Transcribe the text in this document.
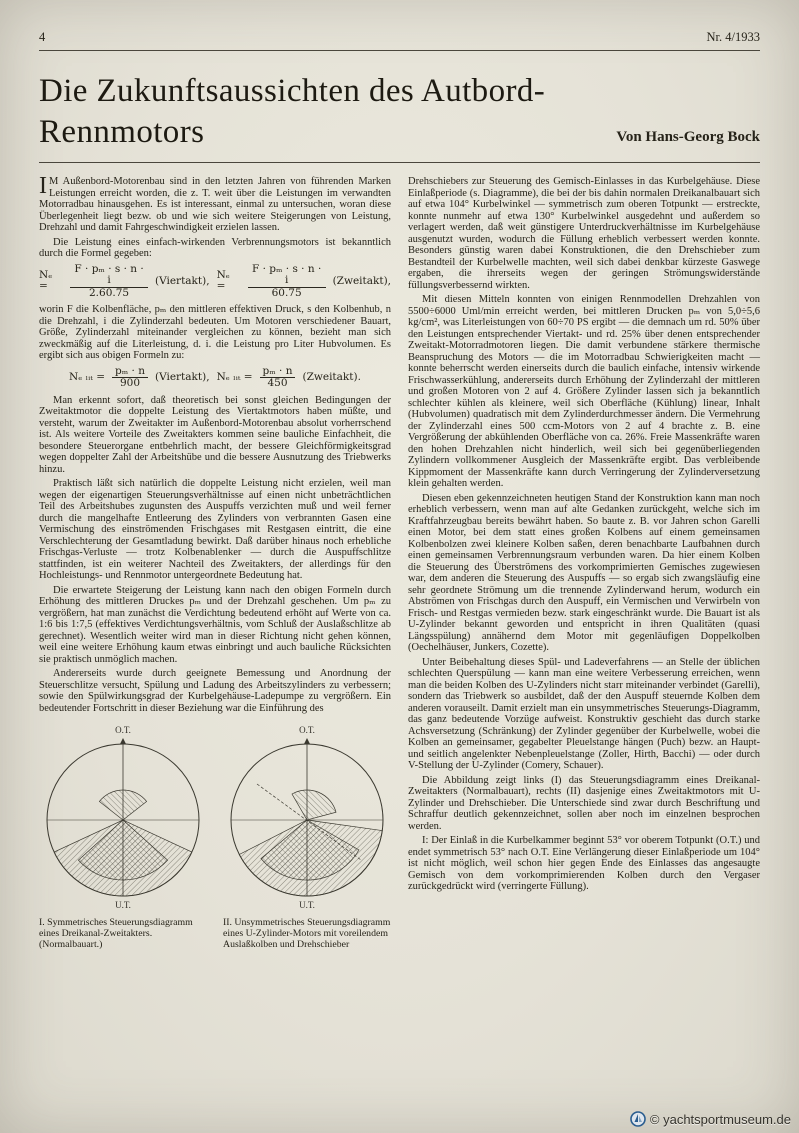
4	Nr. 4/1933
Die Zukunftsaussichten des Autbord-
Rennmotors	Von Hans-Georg Bock

I M Außenbord-Motorenbau sind in den letzten Jahren von führenden Marken Leistungen erreicht worden, die z. T. weit über die Leistungen im verwandten Motorradbau hinausgehen. Es ist interessant, einmal zu untersuchen, woran diese Überlegenheit liegt bezw. ob und wie sich weitere Steigerungen von Leistung, Drehzahl und damit Fahrgeschwindigkeit erzielen lassen.

Die Leistung eines einfach-wirkenden Verbrennungsmotors ist bekanntlich durch die Formel gegeben:

Nₑ =	$\frac{\text{F · pₘ · s · n · i}}{2.60.75}$ (Viertakt), Nₑ =	$\frac{\text{F · pₘ · s · n · i}}{60.75}$ (Zweitakt),

worin F die Kolbenfläche, pₘ den mittleren effektiven Druck, s den Kolbenhub, n die Drehzahl, i die Zylinderzahl bedeuten. Um Motoren verschiedener Bauart, Größe, Zylinderzahl miteinander vergleichen zu können, bezieht man sich zweckmäßig auf die Literleistung, d. i. die Leistung pro Liter Hubvolumen. Es ergibt sich aus obigen Formeln zu:

Nₑ ₗᵢₜ = $\frac{\text{pₘ · n}}{900}$ (Viertakt), Nₑ ₗᵢₜ = $\frac{\text{pₘ · n}}{450}$ (Zweitakt).

Man erkennt sofort, daß theoretisch bei sonst gleichen Bedingungen der Zweitaktmotor die doppelte Leistung des Viertaktmotors haben müßte, und versteht, warum der Zweitakter im Außenbord-Motorenbau absolut vorherrschend ist. Als weitere Vorteile des Zweitakters kommen seine bauliche Einfachheit, die besondere Steuerorgane entbehrlich macht, der bessere Gleichförmigkeitsgrad wegen doppelter Zahl der Arbeitshübe und die bessere Ausnutzung des Triebwerks hinzu.

Praktisch läßt sich natürlich die doppelte Leistung nicht erzielen, weil man wegen der eigenartigen Steuerungsverhältnisse auf einen nicht unbeträchtlichen Teil des Arbeitshubes zugunsten des Auspuffs verzichten muß und weil ferner durch die mangelhafte Entleerung des Zylinders von verbrannten Gasen eine Vermischung des einströmenden Frischgases mit Restgasen eintritt, die eine Verschlechterung der Gesamtladung bewirkt. Daß darüber hinaus noch erhebliche Frischgas-Verluste — trotz Kolbenablenker — durch die Auspuffschlitze stattfinden, ist ein weiterer Nachteil des Zweitakters, der allerdings für den Hochleistungs- und Rennmotor untergeordnete Bedeutung hat.

Die erwartete Steigerung der Leistung kann nach den obigen Formeln durch Erhöhung des mittleren Druckes pₘ und der Drehzahl geschehen. Um pₘ zu vergrößern, hat man zunächst die Verdichtung bedeutend erhöht auf Werte von ca. 1:6 bis 1:7,5 (effektives Verdichtungsverhältnis, vom Schluß der Auslaßschlitze ab gerechnet). Wesentlich weiter wird man in dieser Richtung nicht gehen können, weil eine weitere Erhöhung kaum etwas einbringt und auch bauliche Rücksichten sie praktisch unmöglich machen.

Andererseits wurde durch geeignete Bemessung und Anordnung der Steuerschlitze versucht, Spülung und Ladung des Arbeitszylinders zu verbessern; sowie den Spülwirkungsgrad der Kurbelgehäuse-Ladepumpe zu vergrößern. Ein bedeutender Fortschritt in dieser Beziehung war die Einführung des

O.T.
U.T.
O.T.
U.T.
I. Symmetrisches Steuerungsdiagramm eines Dreikanal-Zweitakters. (Normalbauart.)
II. Unsymmetrisches Steuerungsdiagramm eines U-Zylinder-Motors mit voreilendem Auslaßkolben und Drehschieber

Drehschiebers zur Steuerung des Gemisch-Einlasses in das Kurbelgehäuse. Diese Einlaßperiode (s. Diagramme), die bei der bis dahin normalen Dreikanalbauart sich auf etwa 104° Kurbelwinkel — symmetrisch zum oberen Totpunkt — erstreckte, konnte nunmehr auf etwa 130° Kurbelwinkel ausgedehnt und außerdem so verlagert werden, daß weit günstigere Unterdruckverhältnisse im Kurbelgehäuse ausgenutzt wurden, wodurch die Füllung erheblich verbessert werden konnte. Besonders günstig waren dabei Konstruktionen, die den Drehschieber zum Bestandteil der Kurbelwelle machten, weil sich dabei denkbar kürzeste Gaswege ergaben, die ihrerseits wegen der geringen Strömungswiderstände füllungsverbessernd wirkten.

Mit diesen Mitteln konnten von einigen Rennmodellen Drehzahlen von 5500÷6000 Uml/min erreicht werden, bei mittleren Drucken pₘ von 5,0÷5,6 kg/cm², was Literleistungen von 60÷70 PS ergibt — die demnach um rd. 50% über den Leistungen entsprechender Viertakt- und rd. 25% über denen entsprechender Zweitakt-Motorradmotoren liegen. Die damit verbundene stärkere thermische Beanspruchung des Motors — die im Motorradbau Schwierigkeiten macht — konnte beherrscht werden einerseits durch die baulich einfache, intensiv wirkende Frischwasserkühlung, andererseits durch Erhöhung der Zylinderzahl der mittleren und großen Motoren von 2 auf 4. Größere Zylinder lassen sich ja bekanntlich schlechter kühlen als kleinere, weil sich Oberfläche (Kühlung) linear, Inhalt (Hubvolumen) quadratisch mit dem Zylinderdurchmesser ändern. Die Vermehrung der Zylinderzahl eines 500 ccm-Motors von 2 auf 4 brachte z. B. eine Vergrößerung der abkühlenden Oberfläche von ca. 26%. Freie Massenkräfte waren den hohen Drehzahlen nicht hinderlich, weil sich bei gegenüberliegenden Zylindern vollkommener Ausgleich der Massenkräfte ergibt. Das verbleibende Kippmoment der Massenkräfte kann durch Verringerung der Zylinderversetzung klein gehalten werden.

Diesen eben gekennzeichneten heutigen Stand der Konstruktion kann man noch erheblich verbessern, wenn man auf alte Gedanken zurückgeht, welche sich im Kraftfahrzeugbau bereits bewährt haben. So baute z. B. vor Jahren schon Garelli einen Motor, bei dem statt eines großen Kolbens auf einem gemeinsamen Kolbenbolzen zwei kleinere Kolben saßen, deren benachbarte Laufbahnen durch einen gemeinsamen Verbrennungsraum verbunden waren. Da hier einem Kolben die Steuerung des Überströmens des vorkomprimierten Gemisches zugewiesen war, dem anderen die Steuerung des Auspuffs — so ergab sich zwangsläufig eine sehr geordnete Strömung um die trennende Zylinderwand herum, wodurch ein Abströmen von Frischgas durch den Auspuff, ein Vermischen und Verwirbeln von Frisch- und Restgas vermieden bezw. stark eingeschränkt wurde. Die Bauart ist als U-Zylinder bekannt geworden und entspricht in ihren Qualitäten (quasi Längsspülung) annähernd dem Motor mit gegenläufigen Doppelkolben (Oechelhäuser, Junkers, Cozette).

Unter Beibehaltung dieses Spül- und Ladeverfahrens — an Stelle der üblichen schlechten Querspülung — kann man eine weitere Verbesserung erreichen, wenn man die beiden Kolben des U-Zylinders nicht starr miteinander verbindet (Garelli), sondern das Triebwerk so ausbildet, daß der den Auspuff steuernde Kolben dem anderen vorauseilt. Damit erzielt man ein unsymmetrisches Steuerungs-Diagramm, das ganz bedeutende Vorzüge aufweist. Konstruktiv geschieht das durch starke Achsversetzung (Schränkung) der Zylinder gegenüber der Kurbelwelle, wobei die Kolben an gemeinsamer, gegabelter Pleuelstange hängen (Puch) bezw. an Haupt- und seitlich angelenkter Nebenpleuelstange (Zoller, Hirth, Bacchi) — oder durch V-Stellung der U-Zylinder (Comery, Schauer).

Die Abbildung zeigt links (I) das Steuerungsdiagramm eines Dreikanal-Zweitakters (Normalbauart), rechts (II) dasjenige eines Zweitaktmotors mit U-Zylinder und Drehschieber. Die Unterschiede sind zwar durch Beschriftung und Schraffur deutlich gekennzeichnet, sollen aber noch im einzelnen besprochen werden.

I: Der Einlaß in die Kurbelkammer beginnt 53° vor oberem Totpunkt (O.T.) und endet symmetrisch 53° nach O.T. Eine Verlängerung dieser Einlaßperiode um 104° ist nicht möglich, weil schon hier gegen Ende des Einlasses das angesaugte Gemisch von dem vorkomprimierenden Kolben durch den Vergaser zurückgedrückt wird (verringerte Füllung).

© yachtsportmuseum.de
